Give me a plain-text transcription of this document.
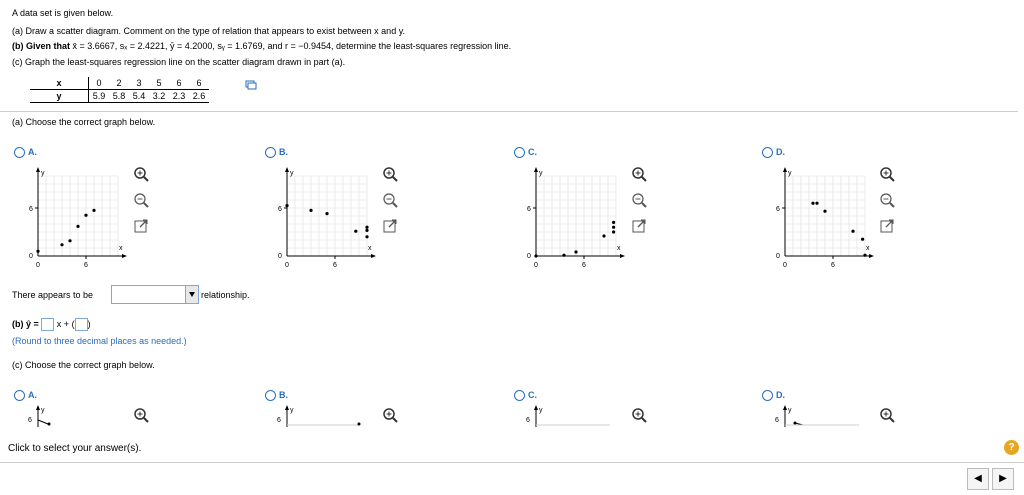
A data set is given below.
(a) Draw a scatter diagram. Comment on the type of relation that appears to exist between x and y.
(b) Given that x̄ = 3.6667, sₓ = 2.4221, ȳ = 4.2000, sᵧ = 1.6769, and r = −0.9454, determine the least-squares regression line.
(c) Graph the least-squares regression line on the scatter diagram drawn in part (a).
x	0	2	3	5	6	6
y	5.9	5.8	5.4	3.2	2.3	2.6
(a) Choose the correct graph below.
A.	B.	C.	D.
y
x
6
0
0	6
y
x
6
0
0	6
y
x
6
0
0	6
y
x
6
0
0	6
There appears to be	relationship.
(b) ŷ = x + ( )
(Round to three decimal places as needed.)
(c) Choose the correct graph below.
A.	B.	C.	D.
y
6
y
6
y
6
y
6
Click to select your answer(s).	?
◀	▶
